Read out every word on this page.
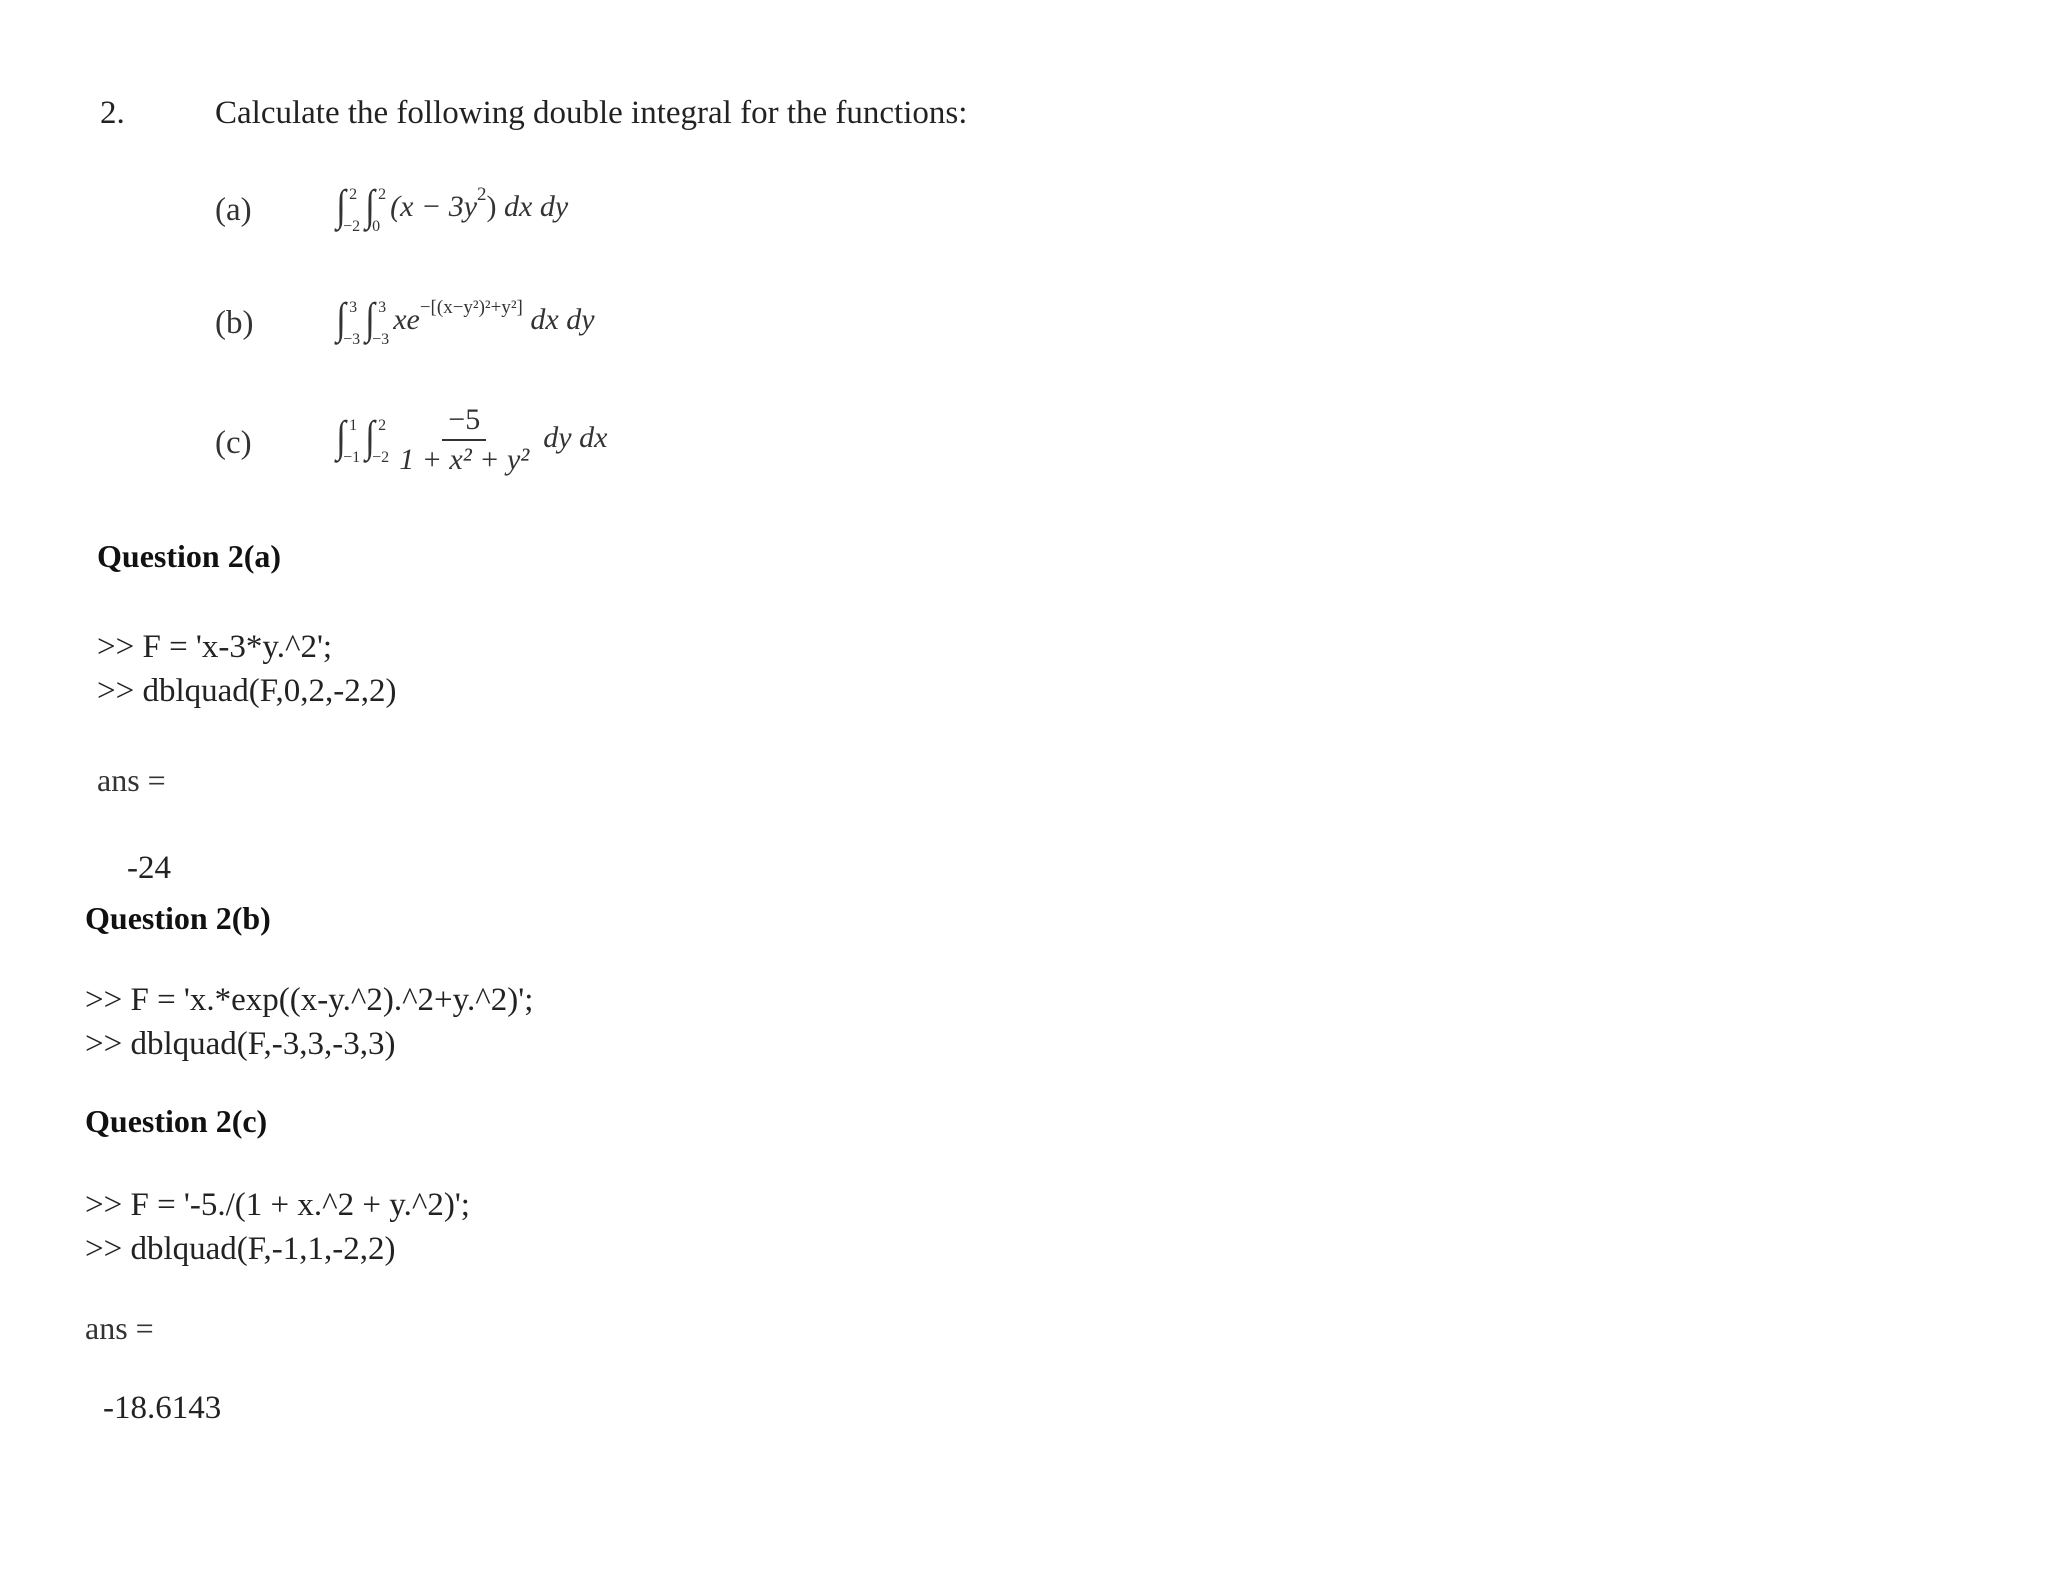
2.	Calculate the following double integral for the functions:
(a) ∫ 2
−2 ∫ 2
0
$(x - 3y^2)$ dx dy
(b) ∫ 3
−3 ∫ 3
−3
$xe^{-[(x-y^2)^2+y^2]}$ dx dy
(c) ∫ 1
−1 ∫ 2
$-2 \frac{-5}{\text{1 + x² + y²}}$ dy dx
Question 2(a)
>> F = 'x-3*y.^2';
>> dblquad(F,0,2,-2,2)
ans =
-24
Question 2(b)
>> F = 'x.*exp((x-y.^2).^2+y.^2)';
>> dblquad(F,-3,3,-3,3)
Question 2(c)
>> F = '-5./(1 + x.^2 + y.^2)';
>> dblquad(F,-1,1,-2,2)
ans =
-18.6143
